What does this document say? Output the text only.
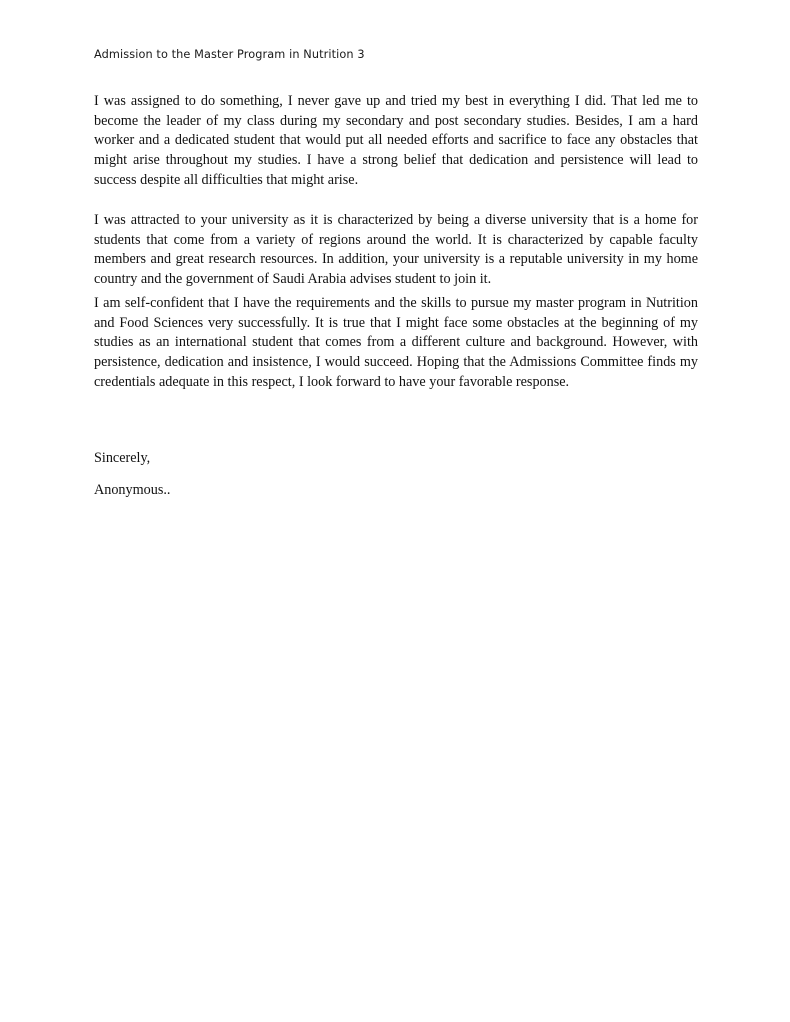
Admission to the Master Program in Nutrition 3

I was assigned to do something, I never gave up and tried my best in everything I did. That led me to become the leader of my class during my secondary and post secondary studies. Besides, I am a hard worker and a dedicated student that would put all needed efforts and sacrifice to face any obstacles that might arise throughout my studies. I have a strong belief that dedication and persistence will lead to success despite all difficulties that might arise.

I was attracted to your university as it is characterized by being a diverse university that is a home for students that come from a variety of regions around the world. It is characterized by capable faculty members and great research resources. In addition, your university is a reputable university in my home country and the government of Saudi Arabia advises student to join it.

I am self-confident that I have the requirements and the skills to pursue my master program in Nutrition and Food Sciences very successfully. It is true that I might face some obstacles at the beginning of my studies as an international student that comes from a different culture and background. However, with persistence, dedication and insistence, I would succeed. Hoping that the Admissions Committee finds my credentials adequate in this respect, I look forward to have your favorable response.

Sincerely,

Anonymous..
